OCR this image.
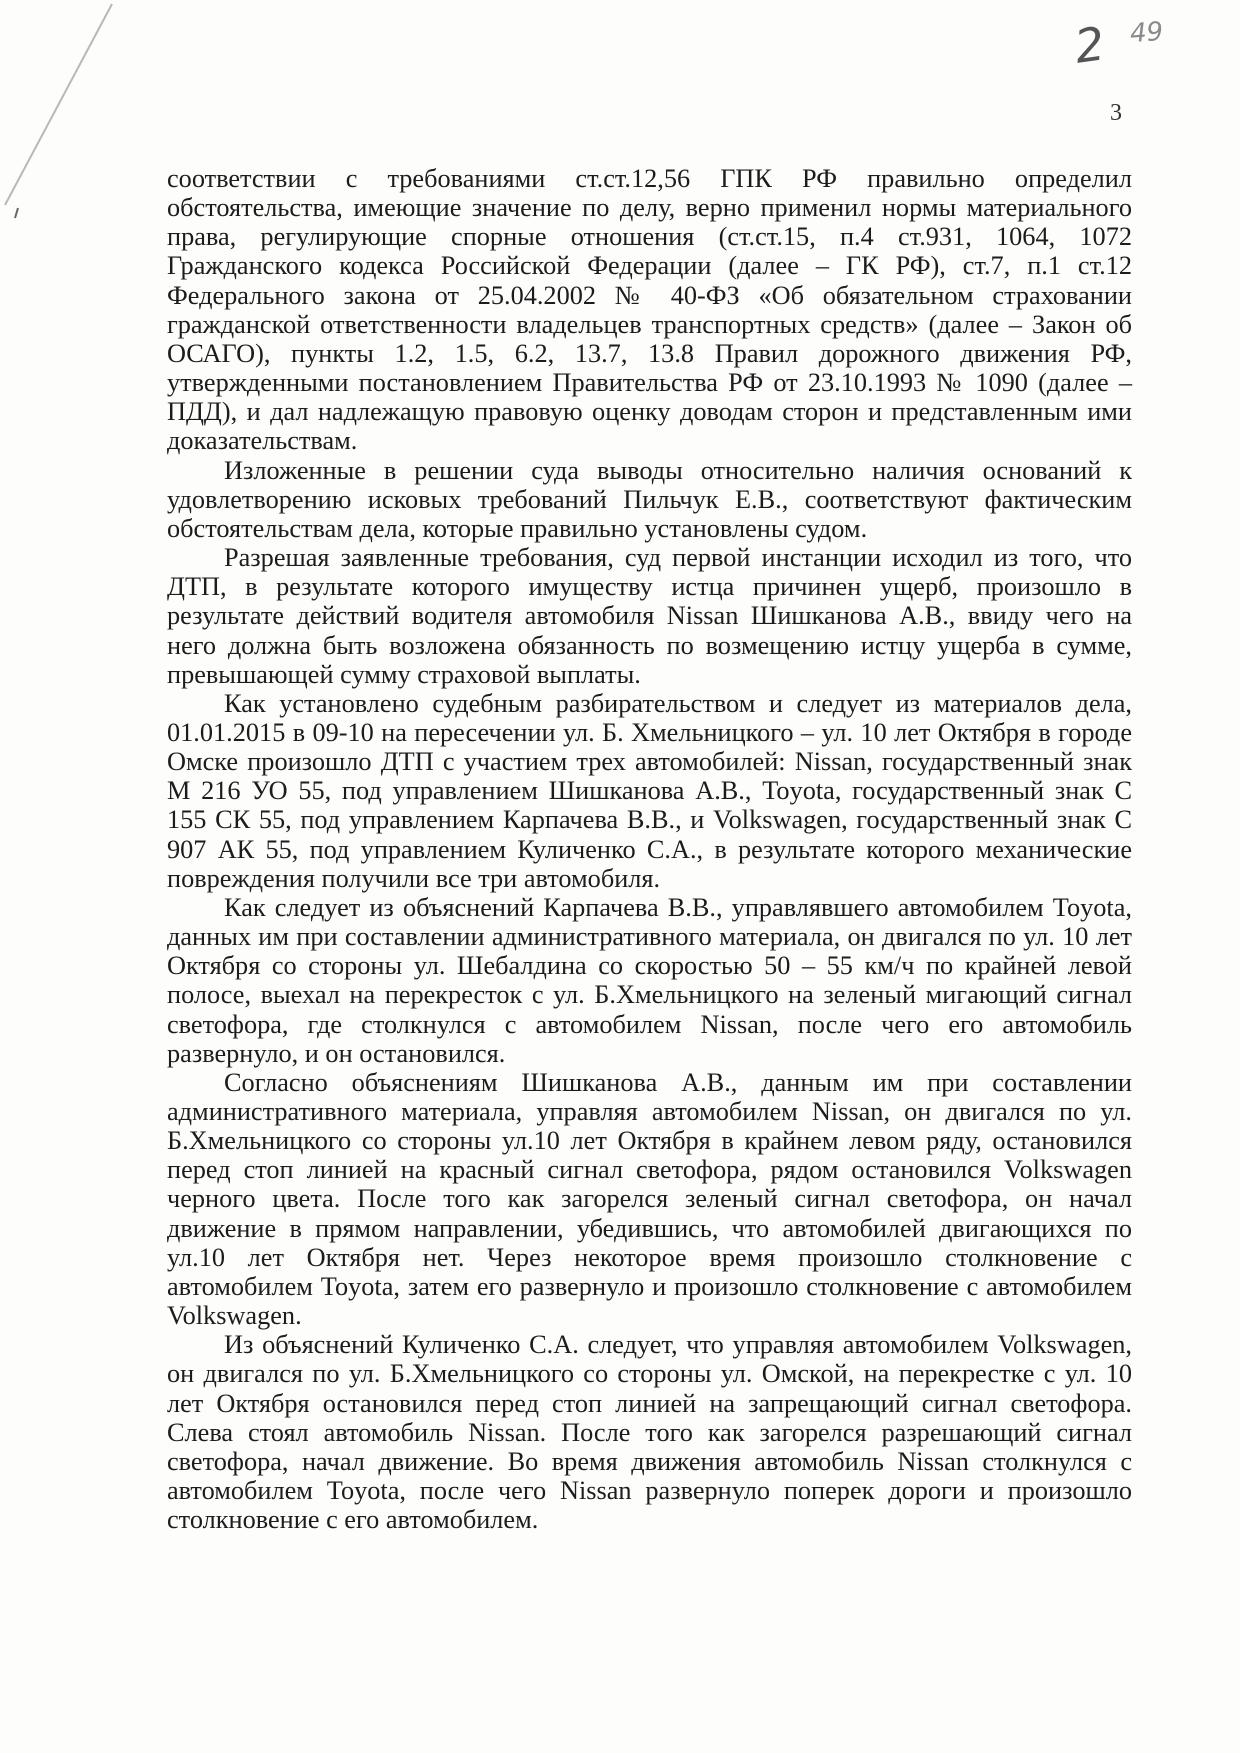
2 49
3

соответствии с требованиями ст.ст.12,56 ГПК РФ правильно определил обстоятельства, имеющие значение по делу, верно применил нормы материального права, регулирующие спорные отношения (ст.ст.15, п.4 ст.931, 1064, 1072 Гражданского кодекса Российской Федерации (далее – ГК РФ), ст.7, п.1 ст.12 Федерального закона от 25.04.2002 № 40-ФЗ «Об обязательном страховании гражданской ответственности владельцев транспортных средств» (далее – Закон об ОСАГО), пункты 1.2, 1.5, 6.2, 13.7, 13.8 Правил дорожного движения РФ, утвержденными постановлением Правительства РФ от 23.10.1993 № 1090 (далее – ПДД), и дал надлежащую правовую оценку доводам сторон и представленным ими доказательствам.

Изложенные в решении суда выводы относительно наличия оснований к удовлетворению исковых требований Пильчук Е.В., соответствуют фактическим обстоятельствам дела, которые правильно установлены судом.

Разрешая заявленные требования, суд первой инстанции исходил из того, что ДТП, в результате которого имуществу истца причинен ущерб, произошло в результате действий водителя автомобиля Nissan Шишканова А.В., ввиду чего на него должна быть возложена обязанность по возмещению истцу ущерба в сумме, превышающей сумму страховой выплаты.

Как установлено судебным разбирательством и следует из материалов дела, 01.01.2015 в 09-10 на пересечении ул. Б. Хмельницкого – ул. 10 лет Октября в городе Омске произошло ДТП с участием трех автомобилей: Nissan, государственный знак М 216 УО 55, под управлением Шишканова А.В., Toyota, государственный знак С 155 СК 55, под управлением Карпачева В.В., и Volkswagen, государственный знак С 907 АК 55, под управлением Куличенко С.А., в результате которого механические повреждения получили все три автомобиля.

Как следует из объяснений Карпачева В.В., управлявшего автомобилем Toyota, данных им при составлении административного материала, он двигался по ул. 10 лет Октября со стороны ул. Шебалдина со скоростью 50 – 55 км/ч по крайней левой полосе, выехал на перекресток с ул. Б.Хмельницкого на зеленый мигающий сигнал светофора, где столкнулся с автомобилем Nissan, после чего его автомобиль развернуло, и он остановился.

Согласно объяснениям Шишканова А.В., данным им при составлении административного материала, управляя автомобилем Nissan, он двигался по ул. Б.Хмельницкого со стороны ул.10 лет Октября в крайнем левом ряду, остановился перед стоп линией на красный сигнал светофора, рядом остановился Volkswagen черного цвета. После того как загорелся зеленый сигнал светофора, он начал движение в прямом направлении, убедившись, что автомобилей двигающихся по ул.10 лет Октября нет. Через некоторое время произошло столкновение с автомобилем Toyota, затем его развернуло и произошло столкновение с автомобилем Volkswagen.

Из объяснений Куличенко С.А. следует, что управляя автомобилем Volkswagen, он двигался по ул. Б.Хмельницкого со стороны ул. Омской, на перекрестке с ул. 10 лет Октября остановился перед стоп линией на запрещающий сигнал светофора. Слева стоял автомобиль Nissan. После того как загорелся разрешающий сигнал светофора, начал движение. Во время движения автомобиль Nissan столкнулся с автомобилем Toyota, после чего Nissan развернуло поперек дороги и произошло столкновение с его автомобилем.
